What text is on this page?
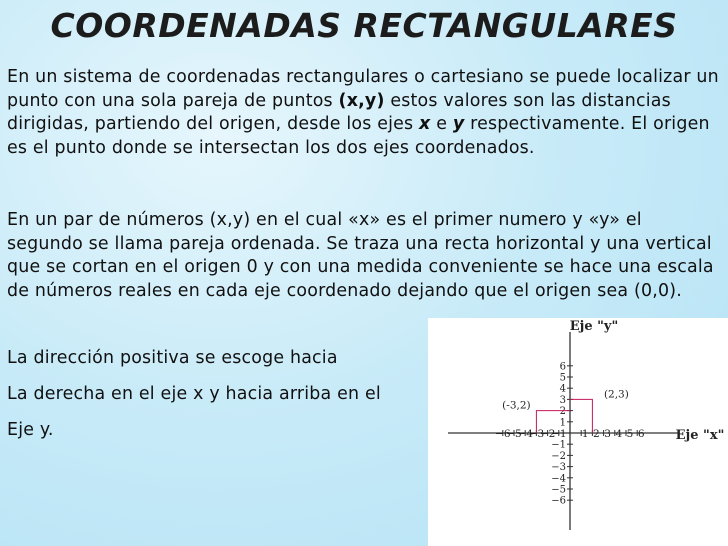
COORDENADAS RECTANGULARES

En un sistema de coordenadas rectangulares o cartesiano se puede localizar un punto con una sola pareja de puntos (x,y) estos valores son las distancias dirigidas, partiendo del origen, desde los ejes x e y respectivamente. El origen es el punto donde se intersectan los dos ejes coordenados.

En un par de números (x,y) en el cual «x» es el primer numero y «y» el segundo se llama pareja ordenada. Se traza una recta horizontal y una vertical que se cortan en el origen 0 y con una medida conveniente se hace una escala de números reales en cada eje coordenado dejando que el origen sea (0,0).

La dirección positiva se escoge hacia

La derecha en el eje x y hacia arriba en el

Eje y.	−6
−5
−4
−3
−2
−1 1 2 3 4 5 6
6
5
4
3
2
1
−1
−2
−3
−4
−5
−6
Eje "y"
Eje "x"
(-3,2)
(2,3)
